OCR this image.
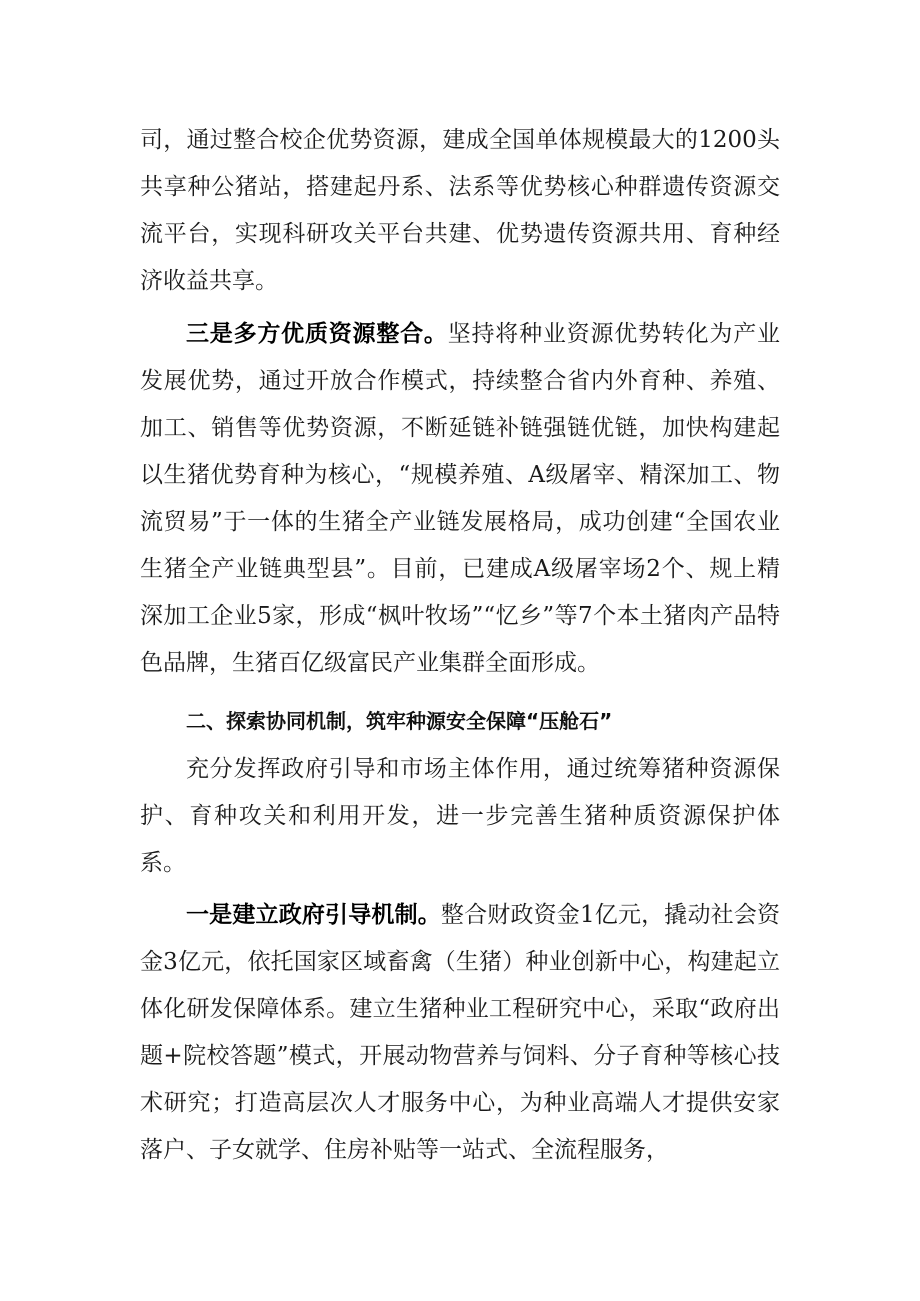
司，通过整合校企优势资源，建成全国单体规模最大的1200头共享种公猪站，搭建起丹系、法系等优势核心种群遗传资源交流平台，实现科研攻关平台共建、优势遗传资源共用、育种经济收益共享。

三是多方优质资源整合。坚持将种业资源优势转化为产业发展优势，通过开放合作模式，持续整合省内外育种、养殖、加工、销售等优势资源，不断延链补链强链优链，加快构建起以生猪优势育种为核心，“规模养殖、A级屠宰、精深加工、物流贸易”于一体的生猪全产业链发展格局，成功创建“全国农业生猪全产业链典型县”。目前，已建成A级屠宰场2个、规上精深加工企业5家，形成“枫叶牧场”“忆乡”等7个本土猪肉产品特色品牌，生猪百亿级富民产业集群全面形成。

二、探索协同机制，筑牢种源安全保障“压舱石”

充分发挥政府引导和市场主体作用，通过统筹猪种资源保护、育种攻关和利用开发，进一步完善生猪种质资源保护体系。

一是建立政府引导机制。整合财政资金1亿元，撬动社会资金3亿元，依托国家区域畜禽（生猪）种业创新中心，构建起立体化研发保障体系。建立生猪种业工程研究中心，采取“政府出题+院校答题”模式，开展动物营养与饲料、分子育种等核心技术研究；打造高层次人才服务中心，为种业高端人才提供安家落户、子女就学、住房补贴等一站式、全流程服务，
